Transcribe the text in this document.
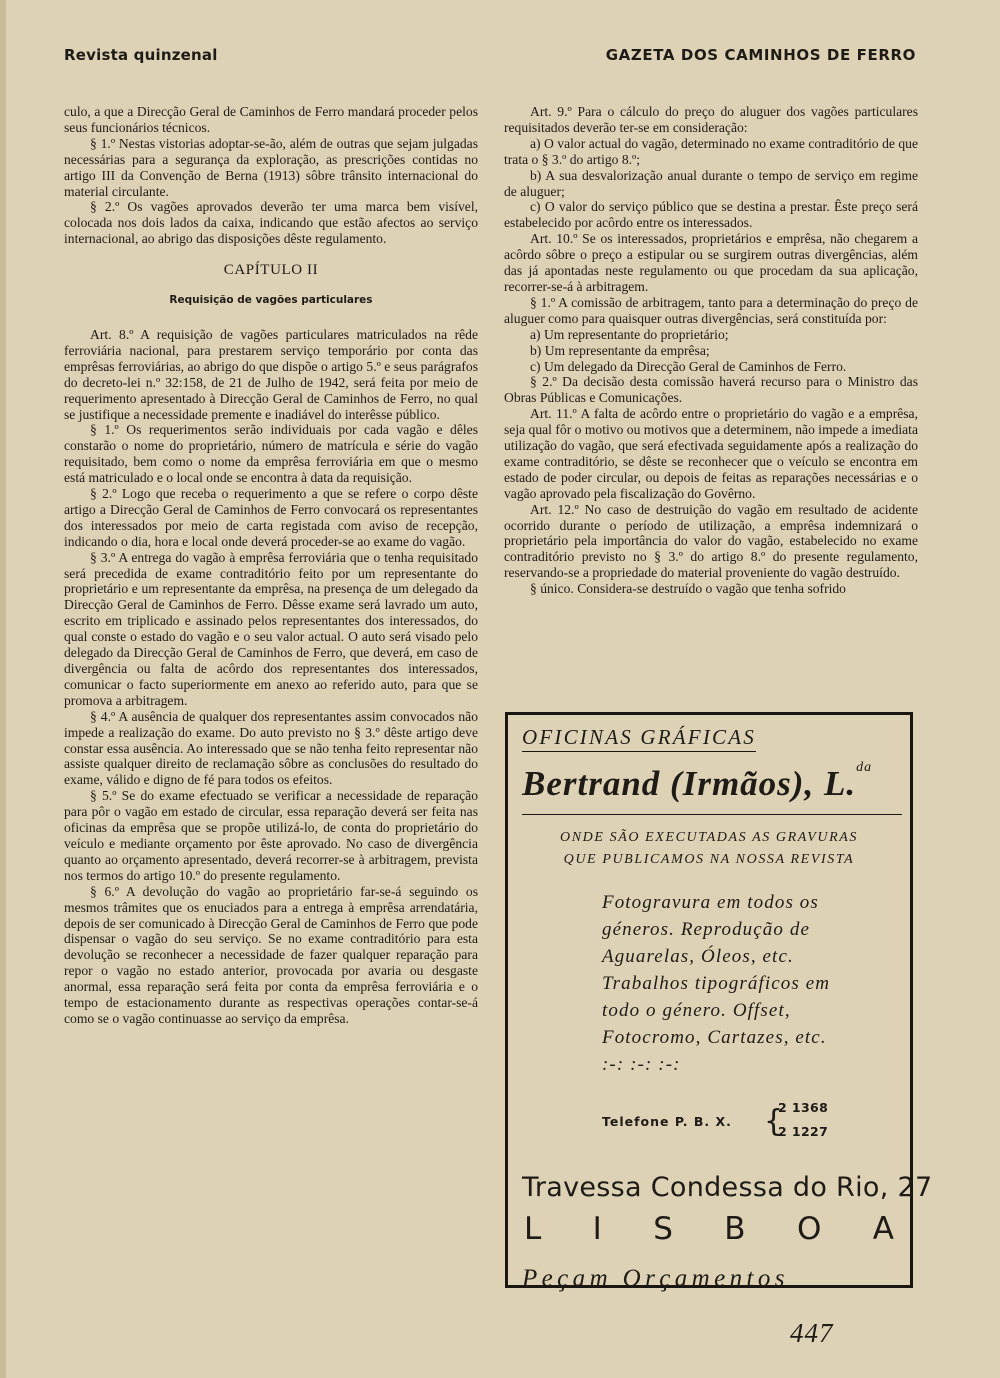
Revista quinzenal	GAZETA DOS CAMINHOS DE FERRO

culo, a que a Direcção Geral de Caminhos de Ferro mandará proceder pelos seus funcionários técnicos.

§ 1.º Nestas vistorias adoptar-se-ão, além de outras que sejam julgadas necessárias para a segurança da exploração, as prescrições contidas no artigo III da Convenção de Berna (1913) sôbre trânsito internacional do material circulante.

§ 2.º Os vagões aprovados deverão ter uma marca bem visível, colocada nos dois lados da caixa, indicando que estão afectos ao serviço internacional, ao abrigo das disposições dêste regulamento.

CAPÍTULO II
Requisição de vagões particulares

Art. 8.º A requisição de vagões particulares matriculados na rêde ferroviária nacional, para prestarem serviço temporário por conta das emprêsas ferroviárias, ao abrigo do que dispõe o artigo 5.º e seus parágrafos do decreto-lei n.º 32:158, de 21 de Julho de 1942, será feita por meio de requerimento apresentado à Direcção Geral de Caminhos de Ferro, no qual se justifique a necessidade premente e inadiável do interêsse público.

§ 1.º Os requerimentos serão individuais por cada vagão e dêles constarão o nome do proprietário, número de matrícula e série do vagão requisitado, bem como o nome da emprêsa ferroviária em que o mesmo está matriculado e o local onde se encontra à data da requisição.

§ 2.º Logo que receba o requerimento a que se refere o corpo dêste artigo a Direcção Geral de Caminhos de Ferro convocará os representantes dos interessados por meio de carta registada com aviso de recepção, indicando o dia, hora e local onde deverá proceder-se ao exame do vagão.

§ 3.º A entrega do vagão à emprêsa ferroviária que o tenha requisitado será precedida de exame contraditório feito por um representante do proprietário e um representante da emprêsa, na presença de um delegado da Direcção Geral de Caminhos de Ferro. Dêsse exame será lavrado um auto, escrito em triplicado e assinado pelos representantes dos interessados, do qual conste o estado do vagão e o seu valor actual. O auto será visado pelo delegado da Direcção Geral de Caminhos de Ferro, que deverá, em caso de divergência ou falta de acôrdo dos representantes dos interessados, comunicar o facto superiormente em anexo ao referido auto, para que se promova a arbitragem.

§ 4.º A ausência de qualquer dos representantes assim convocados não impede a realização do exame. Do auto previsto no § 3.º dêste artigo deve constar essa ausência. Ao interessado que se não tenha feito representar não assiste qualquer direito de reclamação sôbre as conclusões do resultado do exame, válido e digno de fé para todos os efeitos.

§ 5.º Se do exame efectuado se verificar a necessidade de reparação para pôr o vagão em estado de circular, essa reparação deverá ser feita nas oficinas da emprêsa que se propõe utilizá-lo, de conta do proprietário do veículo e mediante orçamento por êste aprovado. No caso de divergência quanto ao orçamento apresentado, deverá recorrer-se à arbitragem, prevista nos termos do artigo 10.º do presente regulamento.

§ 6.º A devolução do vagão ao proprietário far-se-á seguindo os mesmos trâmites que os enuciados para a entrega à emprêsa arrendatária, depois de ser comunicado à Direcção Geral de Caminhos de Ferro que pode dispensar o vagão do seu serviço. Se no exame contraditório para esta devolução se reconhecer a necessidade de fazer qualquer reparação para repor o vagão no estado anterior, provocada por avaria ou desgaste anormal, essa reparação será feita por conta da emprêsa ferroviária e o tempo de estacionamento durante as respectivas operações contar-se-á como se o vagão continuasse ao serviço da emprêsa.

Art. 9.º Para o cálculo do preço do aluguer dos vagões particulares requisitados deverão ter-se em consideração:

a) O valor actual do vagão, determinado no exame contraditório de que trata o § 3.º do artigo 8.º;

b) A sua desvalorização anual durante o tempo de serviço em regime de aluguer;

c) O valor do serviço público que se destina a prestar. Êste preço será estabelecido por acôrdo entre os interessados.

Art. 10.º Se os interessados, proprietários e emprêsa, não chegarem a acôrdo sôbre o preço a estipular ou se surgirem outras divergências, além das já apontadas neste regulamento ou que procedam da sua aplicação, recorrer-se-á à arbitragem.

§ 1.º A comissão de arbitragem, tanto para a determinação do preço de aluguer como para quaisquer outras divergências, será constituída por:

a) Um representante do proprietário;

b) Um representante da emprêsa;

c) Um delegado da Direcção Geral de Caminhos de Ferro.

§ 2.º Da decisão desta comissão haverá recurso para o Ministro das Obras Públicas e Comunicações.

Art. 11.º A falta de acôrdo entre o proprietário do vagão e a emprêsa, seja qual fôr o motivo ou motivos que a determinem, não impede a imediata utilização do vagão, que será efectivada seguidamente após a realização do exame contraditório, se dêste se reconhecer que o veículo se encontra em estado de poder circular, ou depois de feitas as reparações necessárias e o vagão aprovado pela fiscalização do Govêrno.

Art. 12.º No caso de destruição do vagão em resultado de acidente ocorrido durante o período de utilização, a emprêsa indemnizará o proprietário pela importância do valor do vagão, estabelecido no exame contraditório previsto no § 3.º do artigo 8.º do presente regulamento, reservando-se a propriedade do material proveniente do vagão destruído.

§ único. Considera-se destruído o vagão que tenha sofrido

OFICINAS GRÁFICAS
Bertrand (Irmãos), L.$^{da}$
ONDE SÃO EXECUTADAS AS GRAVURAS
QUE PUBLICAMOS NA NOSSA REVISTA
Fotogravura em todos os géneros. Reprodução de Aguarelas, Óleos, etc. Trabalhos tipográficos em todo o género. Offset, Fotocromo, Cartazes, etc. :-: :-: :-:
Telefone P. B. X. {
2 1368
2 1227
Travessa Condessa do Rio, 27
L I S B O A
Peçam Orçamentos
447
